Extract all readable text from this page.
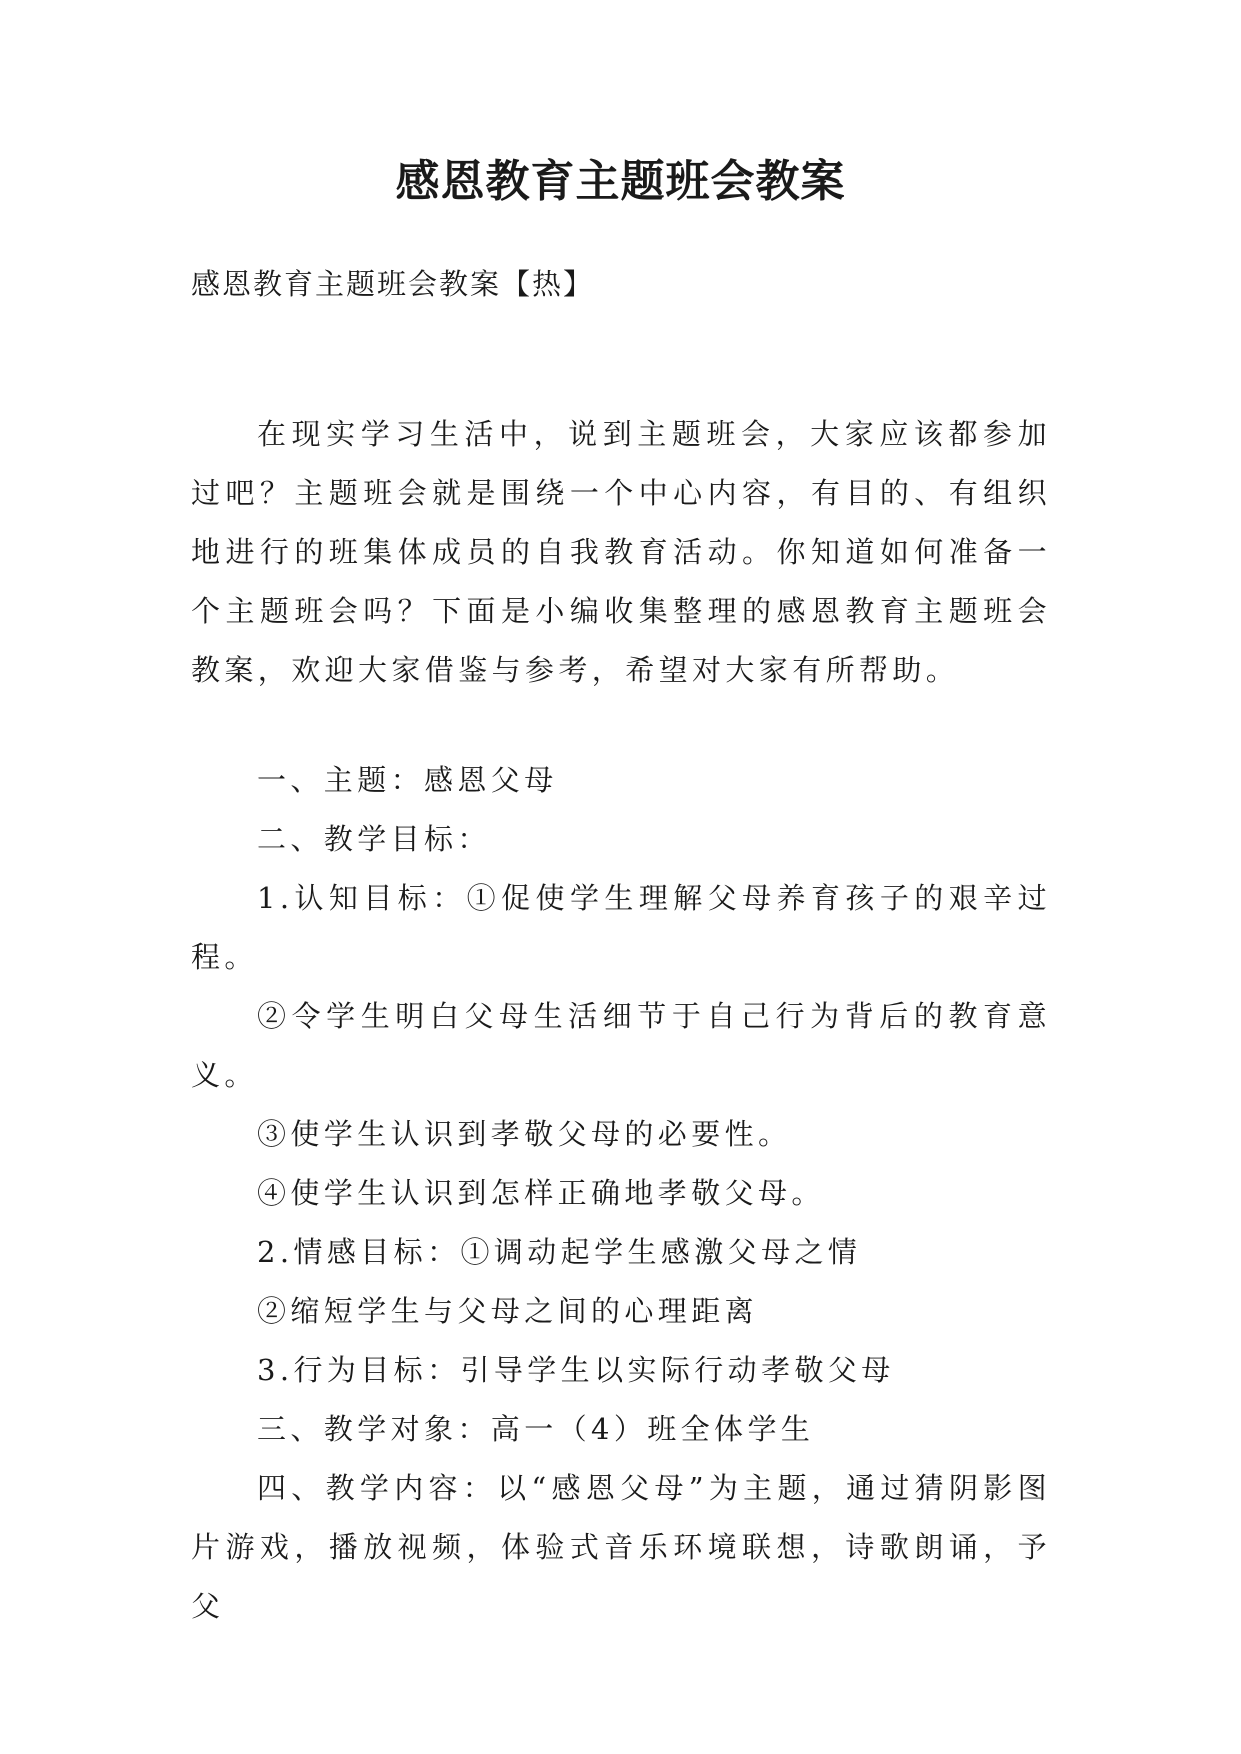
感恩教育主题班会教案

感恩教育主题班会教案【热】

在现实学习生活中，说到主题班会，大家应该都参加过吧？主题班会就是围绕一个中心内容，有目的、有组织地进行的班集体成员的自我教育活动。你知道如何准备一个主题班会吗？下面是小编收集整理的感恩教育主题班会教案，欢迎大家借鉴与参考，希望对大家有所帮助。

一、主题：感恩父母

二、教学目标：

1.认知目标：①促使学生理解父母养育孩子的艰辛过程。

②令学生明白父母生活细节于自己行为背后的教育意义。

③使学生认识到孝敬父母的必要性。

④使学生认识到怎样正确地孝敬父母。

2.情感目标：①调动起学生感激父母之情

②缩短学生与父母之间的心理距离

3.行为目标：引导学生以实际行动孝敬父母

三、教学对象：高一（4）班全体学生

四、教学内容：以“感恩父母”为主题，通过猜阴影图片游戏，播放视频，体验式音乐环境联想，诗歌朗诵，予父
